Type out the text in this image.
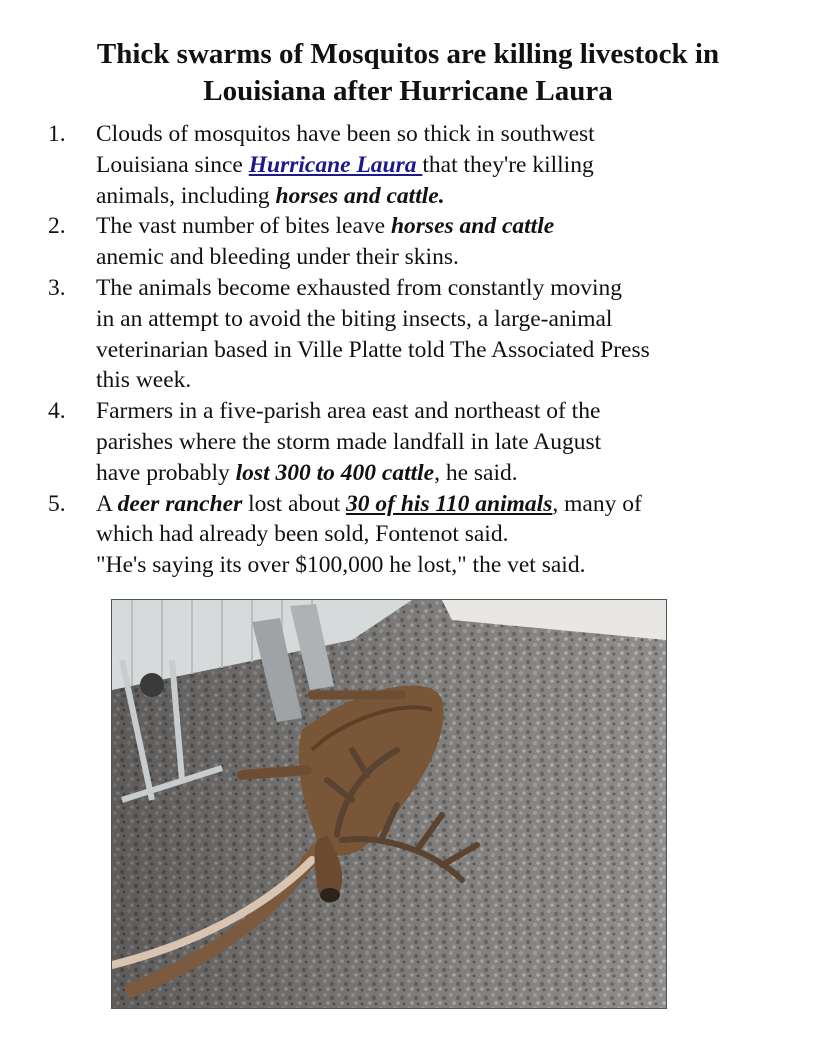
Thick swarms of Mosquitos are killing livestock in Louisiana after Hurricane Laura
1. Clouds of mosquitos have been so thick in southwest
Louisiana since Hurricane Laura that they're killing
animals, including horses and cattle.
2. The vast number of bites leave horses and cattle
anemic and bleeding under their skins.
3. The animals become exhausted from constantly moving
in an attempt to avoid the biting insects, a large-animal
veterinarian based in Ville Platte told The Associated Press
this week.
4. Farmers in a five-parish area east and northeast of the
parishes where the storm made landfall in late August
have probably lost 300 to 400 cattle, he said.
5. A deer rancher lost about 30 of his 110 animals, many of
which had already been sold, Fontenot said.
"He's saying its over $100,000 he lost," the vet said.
